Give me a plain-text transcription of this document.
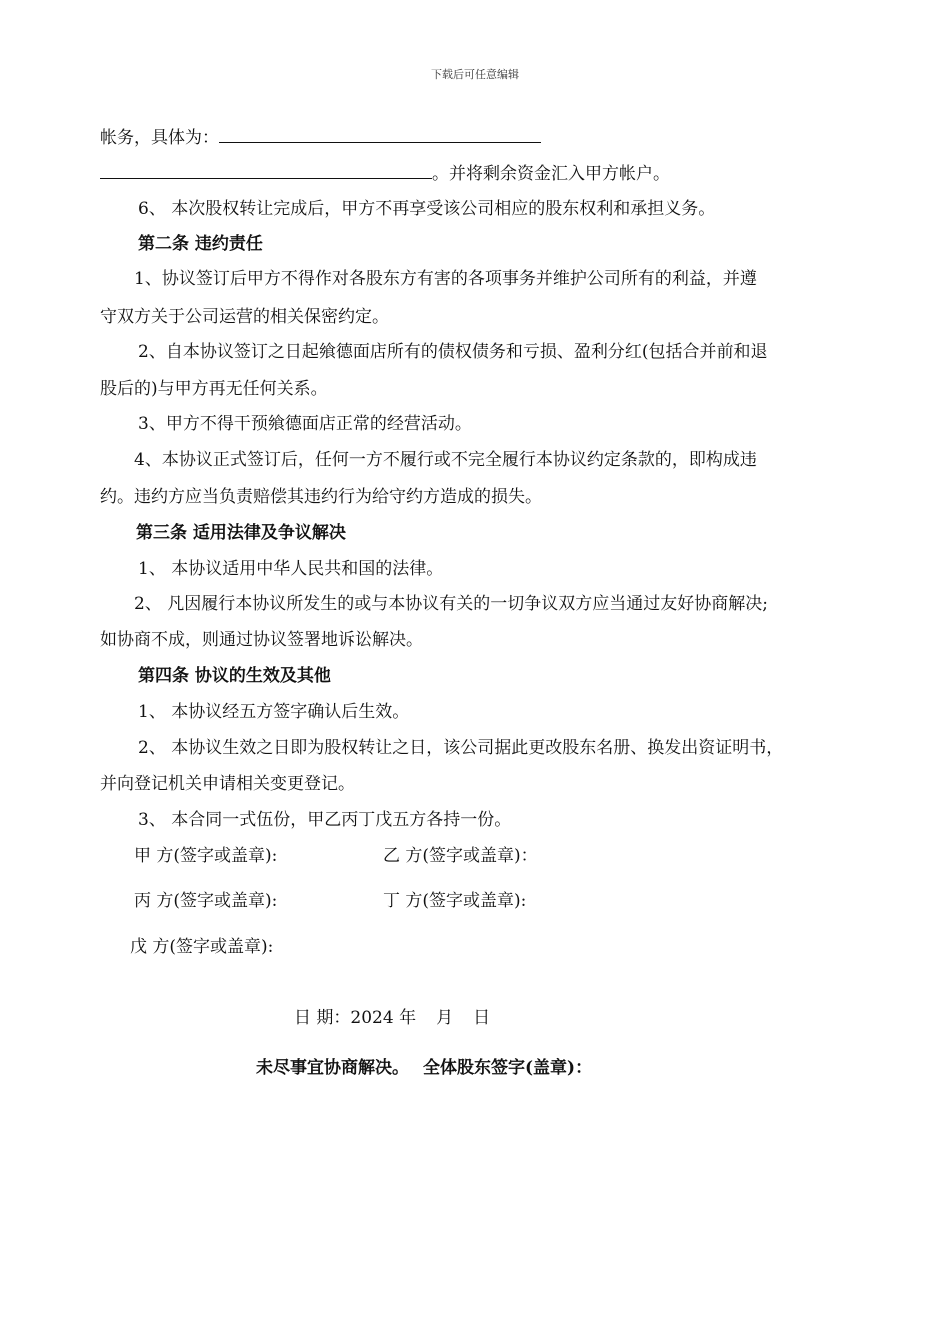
下载后可任意编辑
帐务，具体为：
。并将剩余资金汇入甲方帐户。
6、 本次股权转让完成后，甲方不再享受该公司相应的股东权利和承担义务。
第二条 违约责任
1、协议签订后甲方不得作对各股东方有害的各项事务并维护公司所有的利益，并遵
守双方关于公司运营的相关保密约定。
2、自本协议签订之日起飨德面店所有的债权债务和亏损、盈利分红(包括合并前和退
股后的)与甲方再无任何关系。
3、甲方不得干预飨德面店正常的经营活动。
4、本协议正式签订后，任何一方不履行或不完全履行本协议约定条款的，即构成违
约。违约方应当负责赔偿其违约行为给守约方造成的损失。
第三条 适用法律及争议解决
1、 本协议适用中华人民共和国的法律。
2、 凡因履行本协议所发生的或与本协议有关的一切争议双方应当通过友好协商解决;
如协商不成，则通过协议签署地诉讼解决。
第四条 协议的生效及其他
1、 本协议经五方签字确认后生效。
2、 本协议生效之日即为股权转让之日，该公司据此更改股东名册、换发出资证明书，
并向登记机关申请相关变更登记。
3、 本合同一式伍份，甲乙丙丁戊五方各持一份。
甲 方(签字或盖章):	乙 方(签字或盖章)：
丙 方(签字或盖章):	丁 方(签字或盖章):
戊 方(签字或盖章):
日 期：2024 年 月 日
未尽事宜协商解决。 全体股东签字(盖章)：
